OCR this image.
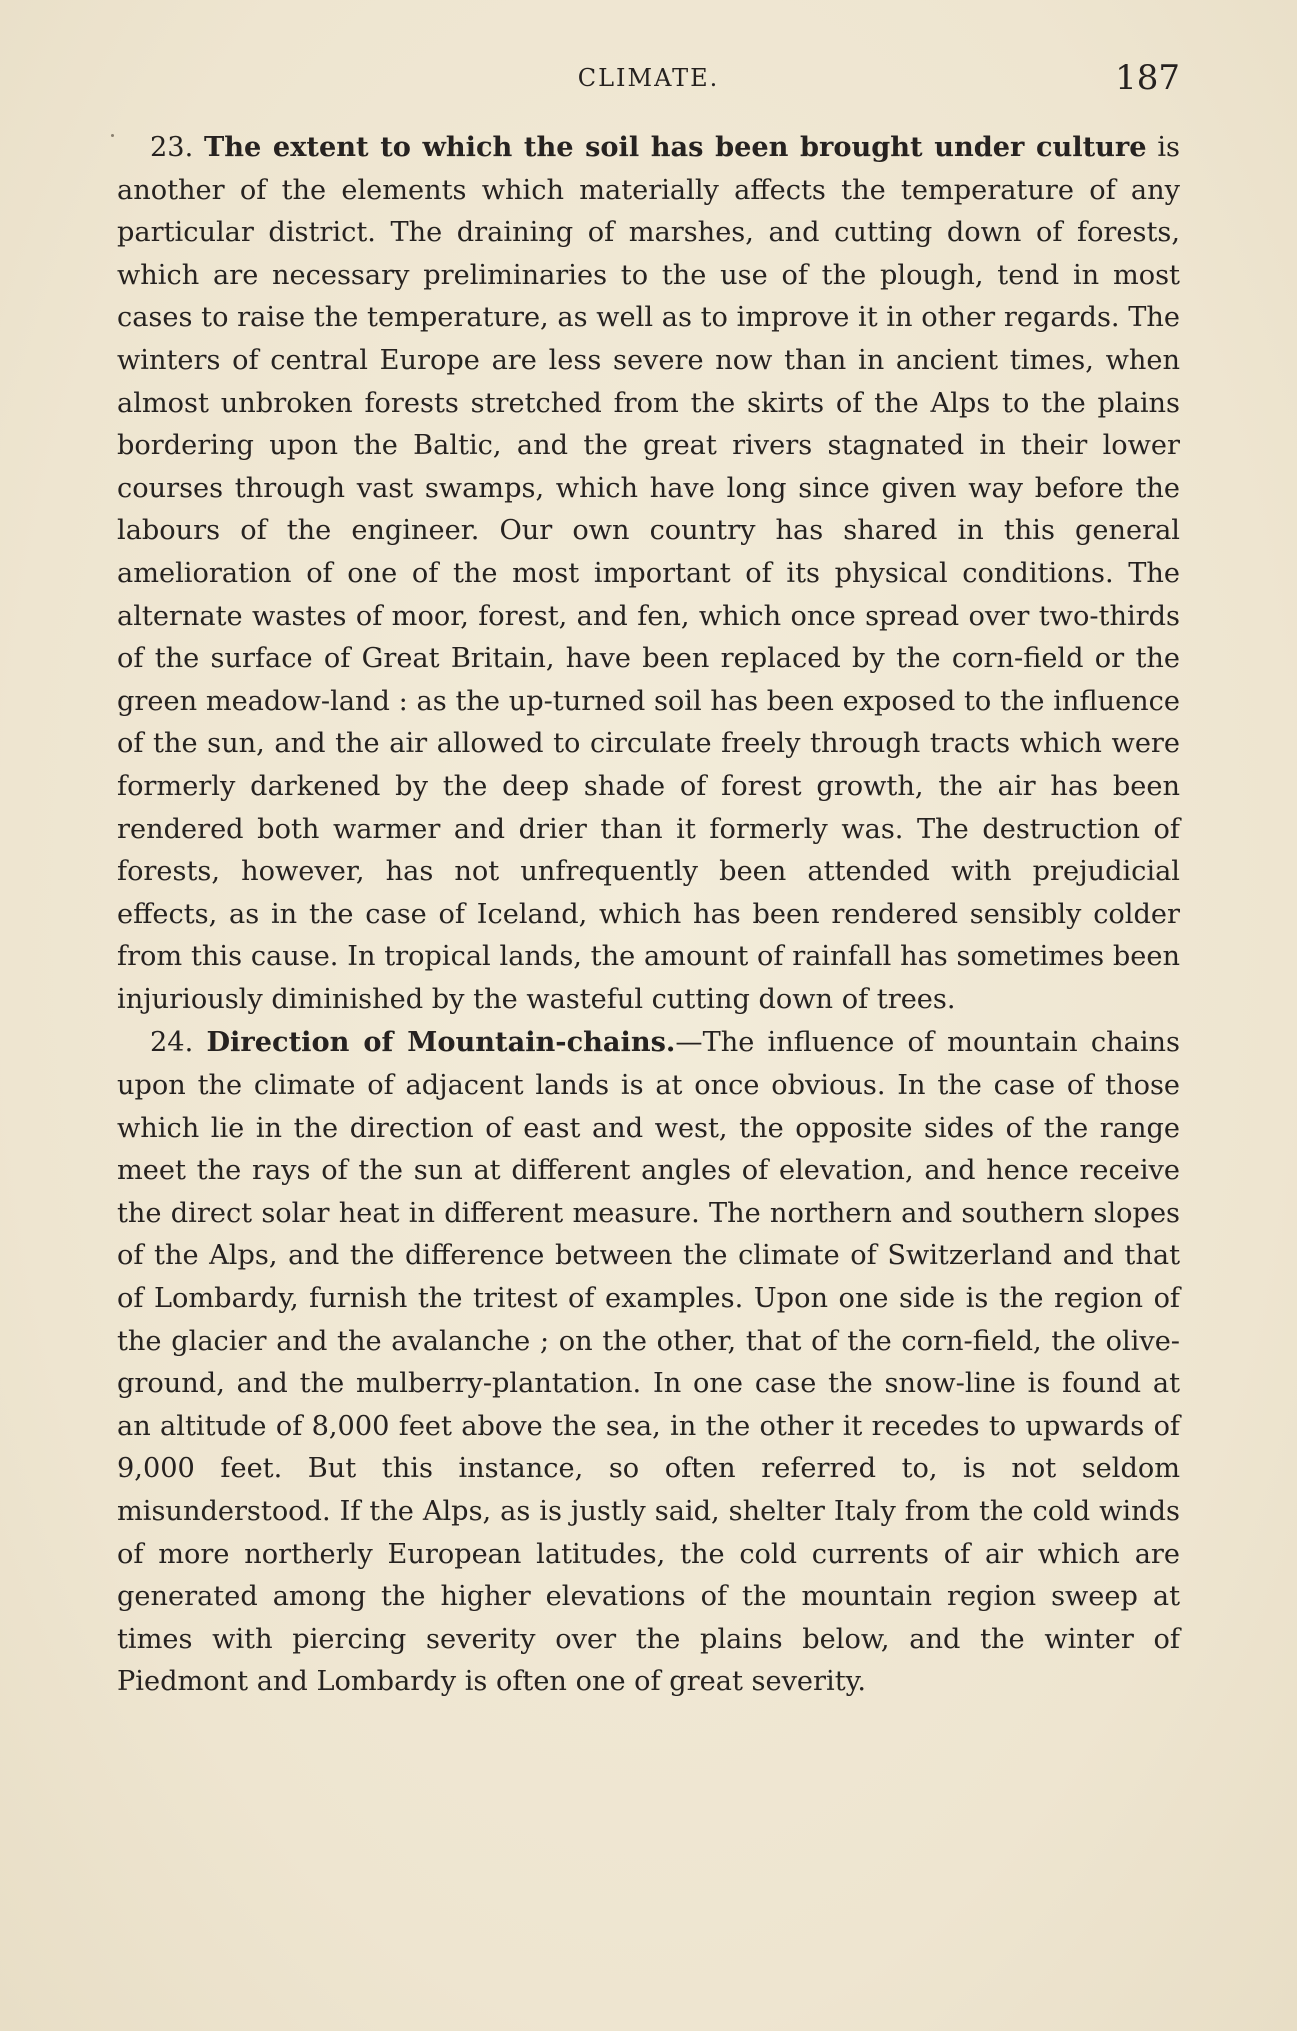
CLIMATE.	187

23. The extent to which the soil has been brought under culture is another of the elements which materially affects the temperature of any particular district. The draining of marshes, and cutting down of forests, which are necessary preliminaries to the use of the plough, tend in most cases to raise the temperature, as well as to improve it in other regards. The winters of central Europe are less severe now than in ancient times, when almost unbroken forests stretched from the skirts of the Alps to the plains bordering upon the Baltic, and the great rivers stagnated in their lower courses through vast swamps, which have long since given way before the labours of the engineer. Our own country has shared in this general amelioration of one of the most important of its physical conditions. The alternate wastes of moor, forest, and fen, which once spread over two-thirds of the surface of Great Britain, have been replaced by the corn-field or the green meadow-land : as the up-turned soil has been exposed to the influence of the sun, and the air allowed to circulate freely through tracts which were formerly darkened by the deep shade of forest growth, the air has been rendered both warmer and drier than it formerly was. The destruction of forests, however, has not unfrequently been attended with prejudicial effects, as in the case of Iceland, which has been rendered sensibly colder from this cause. In tropical lands, the amount of rainfall has sometimes been injuriously diminished by the wasteful cutting down of trees.

24. Direction of Mountain-chains.—The influence of mountain chains upon the climate of adjacent lands is at once obvious. In the case of those which lie in the direction of east and west, the opposite sides of the range meet the rays of the sun at different angles of elevation, and hence receive the direct solar heat in different measure. The northern and southern slopes of the Alps, and the difference between the climate of Switzerland and that of Lombardy, furnish the tritest of examples. Upon one side is the region of the glacier and the avalanche ; on the other, that of the corn-field, the olive-ground, and the mulberry-plantation. In one case the snow-line is found at an altitude of 8,000 feet above the sea, in the other it recedes to upwards of 9,000 feet. But this instance, so often referred to, is not seldom misunderstood. If the Alps, as is justly said, shelter Italy from the cold winds of more northerly European latitudes, the cold currents of air which are generated among the higher elevations of the mountain region sweep at times with piercing severity over the plains below, and the winter of Piedmont and Lombardy is often one of great severity.
